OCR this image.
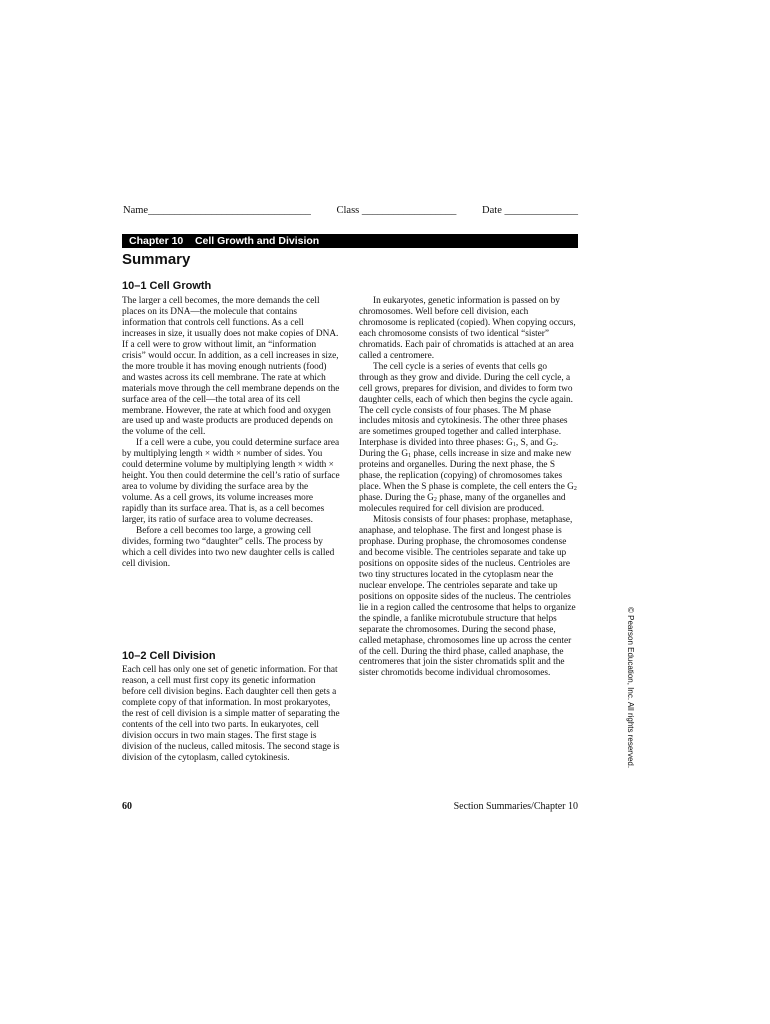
Name_______________________________ Class __________________ Date ______________
Chapter 10 Cell Growth and Division
Summary
10–1 Cell Growth

The larger a cell becomes, the more demands the cell places on its DNA—the molecule that contains information that controls cell functions. As a cell increases in size, it usually does not make copies of DNA. If a cell were to grow without limit, an “information crisis” would occur. In addition, as a cell increases in size, the more trouble it has moving enough nutrients (food) and wastes across its cell membrane. The rate at which materials move through the cell membrane depends on the surface area of the cell—the total area of its cell membrane. However, the rate at which food and oxygen are used up and waste products are produced depends on the volume of the cell.

If a cell were a cube, you could determine surface area by multiplying length × width × number of sides. You could determine volume by multiplying length × width × height. You then could determine the cell’s ratio of surface area to volume by dividing the surface area by the volume. As a cell grows, its volume increases more rapidly than its surface area. That is, as a cell becomes larger, its ratio of surface area to volume decreases.

Before a cell becomes too large, a growing cell divides, forming two “daughter” cells. The process by which a cell divides into two new daughter cells is called cell division.

10–2 Cell Division

Each cell has only one set of genetic information. For that reason, a cell must first copy its genetic information before cell division begins. Each daughter cell then gets a complete copy of that information. In most prokaryotes, the rest of cell division is a simple matter of separating the contents of the cell into two parts. In eukaryotes, cell division occurs in two main stages. The first stage is division of the nucleus, called mitosis. The second stage is division of the cytoplasm, called cytokinesis.

In eukaryotes, genetic information is passed on by chromosomes. Well before cell division, each chromosome is replicated (copied). When copying occurs, each chromosome consists of two identical “sister” chromatids. Each pair of chromatids is attached at an area called a centromere.

The cell cycle is a series of events that cells go through as they grow and divide. During the cell cycle, a cell grows, prepares for division, and divides to form two daughter cells, each of which then begins the cycle again. The cell cycle consists of four phases. The M phase includes mitosis and cytokinesis. The other three phases are sometimes grouped together and called interphase. Interphase is divided into three phases: $G_1$, S, and $G_2$. During the $G_1$ phase, cells increase in size and make new proteins and organelles. During the next phase, the S phase, the replication (copying) of chromosomes takes place. When the S phase is complete, the cell enters the $G_2$ phase. During the $G_2$ phase, many of the organelles and molecules required for cell division are produced.

Mitosis consists of four phases: prophase, metaphase, anaphase, and telophase. The first and longest phase is prophase. During prophase, the chromosomes condense and become visible. The centrioles separate and take up positions on opposite sides of the nucleus. Centrioles are two tiny structures located in the cytoplasm near the nuclear envelope. The centrioles separate and take up positions on opposite sides of the nucleus. The centrioles lie in a region called the centrosome that helps to organize the spindle, a fanlike microtubule structure that helps separate the chromosomes. During the second phase, called metaphase, chromosomes line up across the center of the cell. During the third phase, called anaphase, the centromeres that join the sister chromatids split and the sister chromotids become individual chromosomes.

60	Section Summaries/Chapter 10
© Pearson Education, Inc. All rights reserved.
